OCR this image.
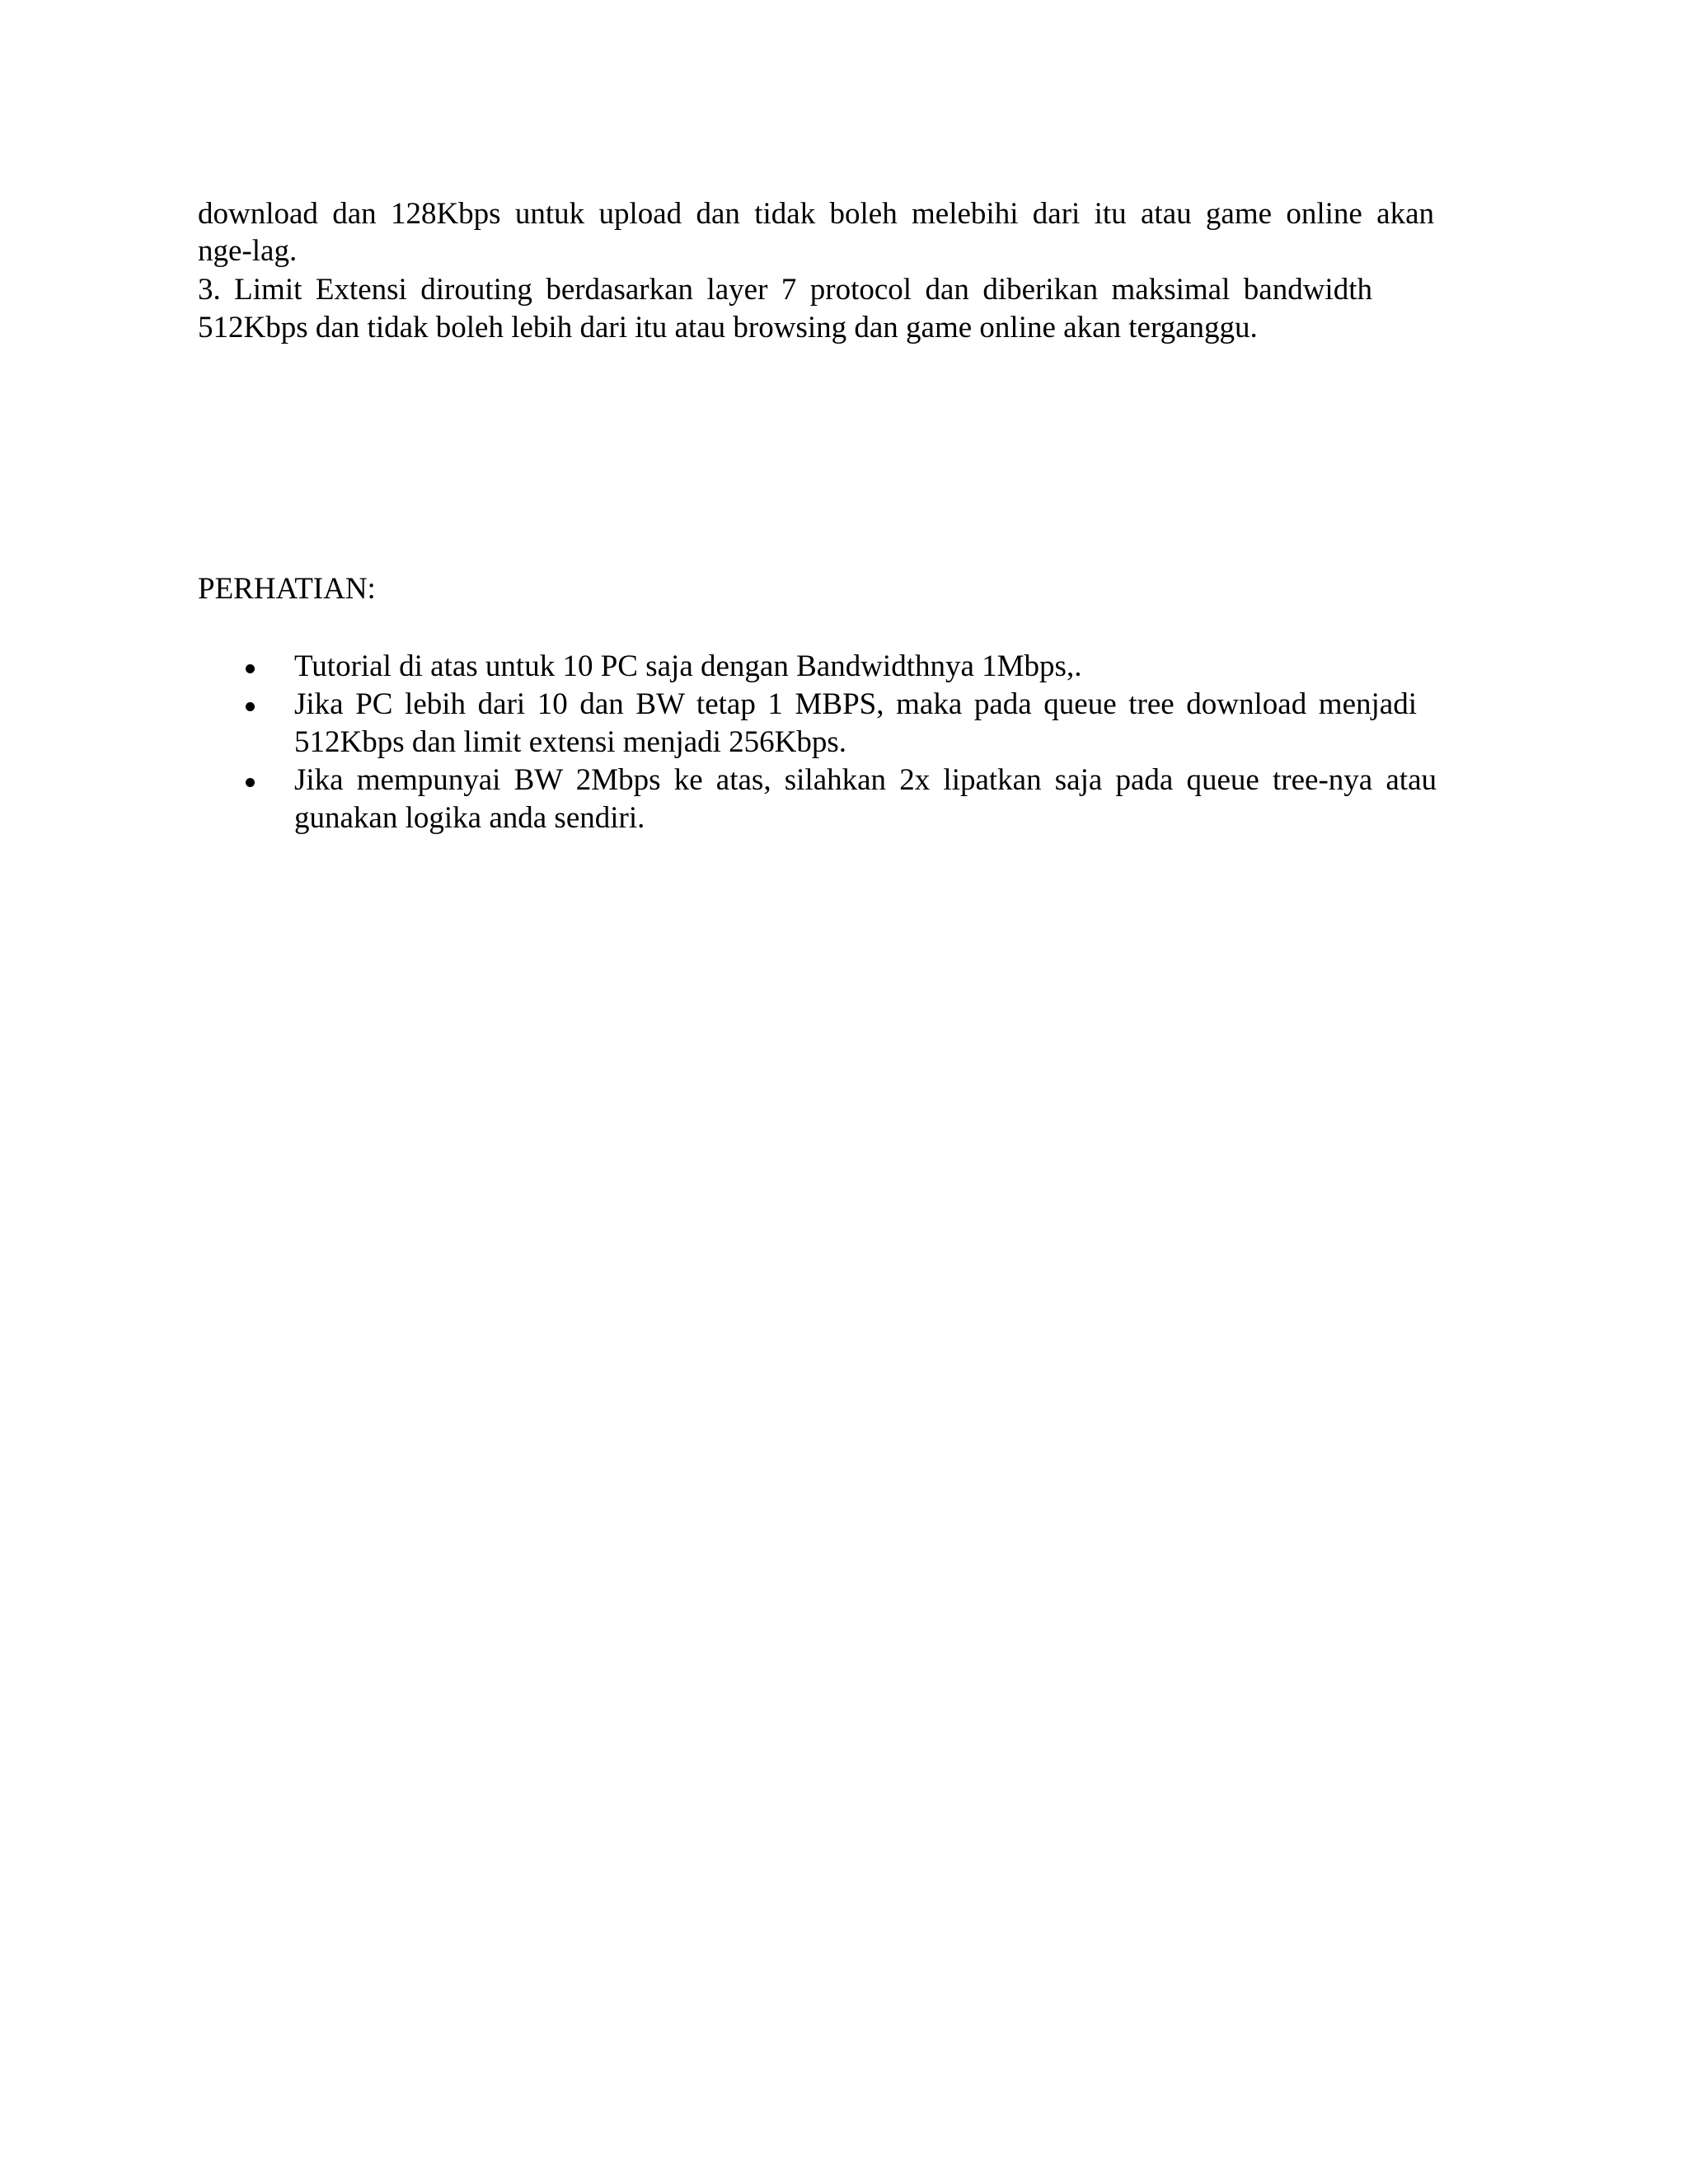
download dan 128Kbps untuk upload dan tidak boleh melebihi dari itu atau game online akan
nge-lag.
3. Limit Extensi dirouting berdasarkan layer 7 protocol dan diberikan maksimal bandwidth
512Kbps dan tidak boleh lebih dari itu atau browsing dan game online akan terganggu.
PERHATIAN:
Tutorial di atas untuk 10 PC saja dengan Bandwidthnya 1Mbps,.
Jika PC lebih dari 10 dan BW tetap 1 MBPS, maka pada queue tree download menjadi
512Kbps dan limit extensi menjadi 256Kbps.
Jika mempunyai BW 2Mbps ke atas, silahkan 2x lipatkan saja pada queue tree-nya atau
gunakan logika anda sendiri.
